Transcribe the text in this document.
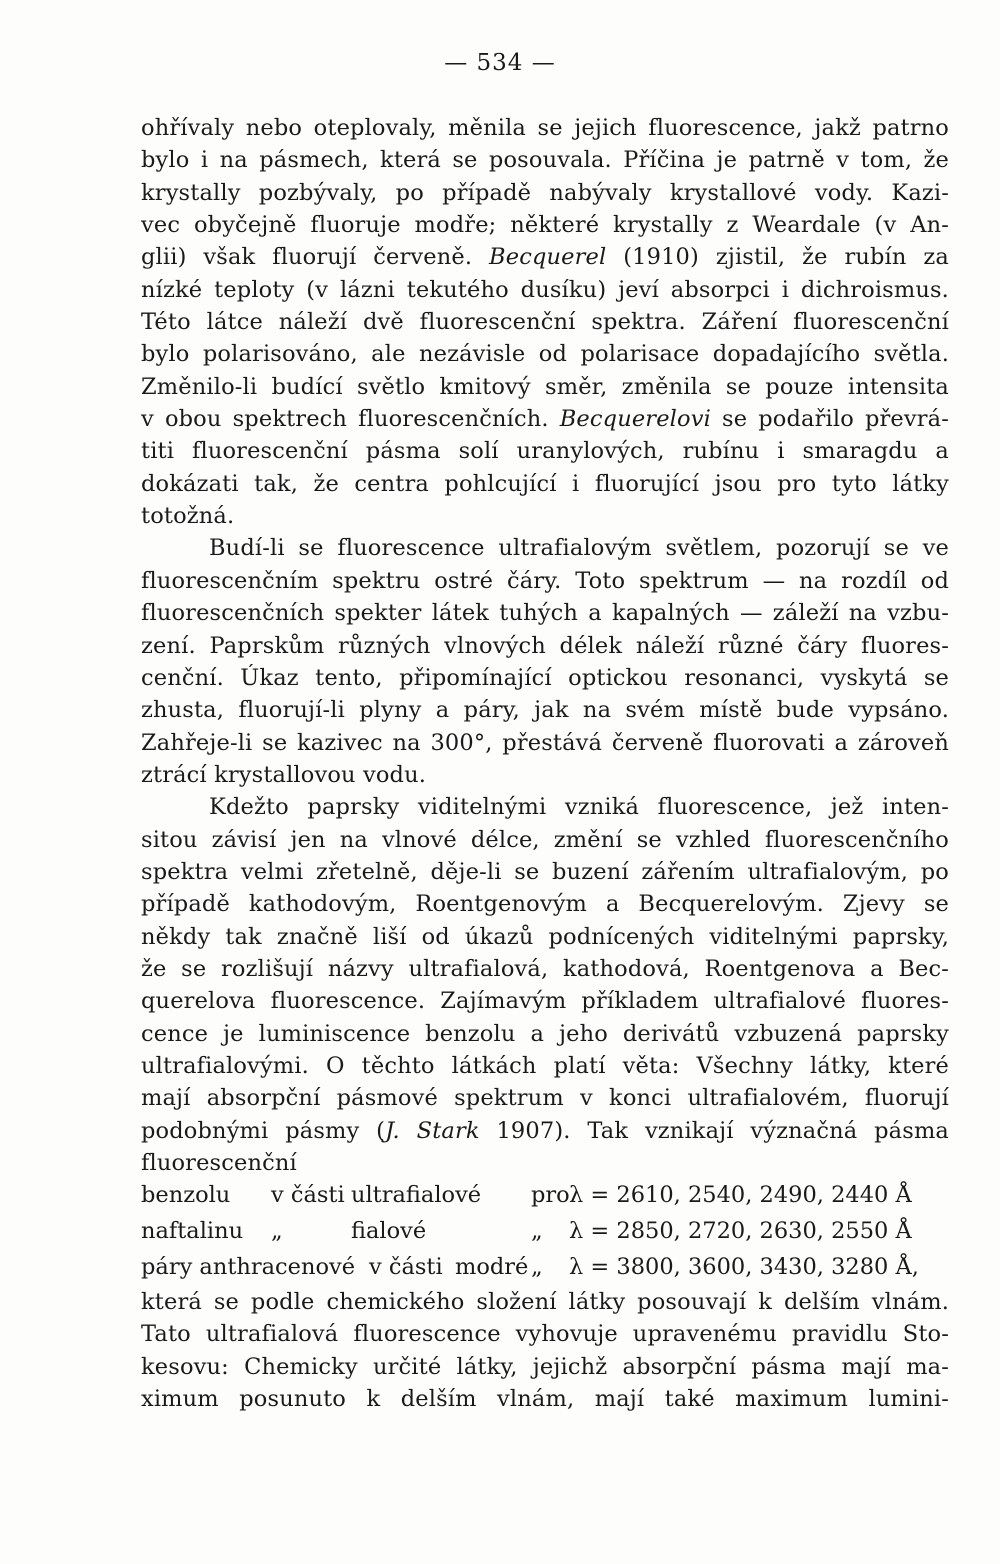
— 534 —
ohřívaly nebo oteplovaly, měnila se jejich fluorescence, jakž patrno
bylo i na pásmech, která se posouvala. Příčina je patrně v tom, že
krystally pozbývaly, po případě nabývaly krystallové vody. Kazi-
vec obyčejně fluoruje modře; některé krystally z Weardale (v An-
glii) však fluorují červeně. Becquerel (1910) zjistil, že rubín za
nízké teploty (v lázni tekutého dusíku) jeví absorpci i dichroismus.
Této látce náleží dvě fluorescenční spektra. Záření fluorescenční
bylo polarisováno, ale nezávisle od polarisace dopadajícího světla.
Změnilo-li budící světlo kmitový směr, změnila se pouze intensita
v obou spektrech fluorescenčních. Becquerelovi se podařilo převrá-
titi fluorescenční pásma solí uranylových, rubínu i smaragdu a
dokázati tak, že centra pohlcující i fluorující jsou pro tyto látky
totožná.
Budí-li se fluorescence ultrafialovým světlem, pozorují se ve
fluorescenčním spektru ostré čáry. Toto spektrum — na rozdíl od
fluorescenčních spekter látek tuhých a kapalných — záleží na vzbu-
zení. Paprskům různých vlnových délek náleží různé čáry fluores-
cenční. Úkaz tento, připomínající optickou resonanci, vyskytá se
zhusta, fluorují-li plyny a páry, jak na svém místě bude vypsáno.
Zahřeje-li se kazivec na 300°, přestává červeně fluorovati a zároveň
ztrácí krystallovou vodu.
Kdežto paprsky viditelnými vzniká fluorescence, jež inten-
sitou závisí jen na vlnové délce, změní se vzhled fluorescenčního
spektra velmi zřetelně, děje-li se buzení zářením ultrafialovým, po
případě kathodovým, Roentgenovým a Becquerelovým. Zjevy se
někdy tak značně liší od úkazů podnícených viditelnými paprsky,
že se rozlišují názvy ultrafialová, kathodová, Roentgenova a Bec-
querelova fluorescence. Zajímavým příkladem ultrafialové fluores-
cence je luminiscence benzolu a jeho derivátů vzbuzená paprsky
ultrafialovými. O těchto látkách platí věta: Všechny látky, které
mají absorpční pásmové spektrum v konci ultrafialovém, fluorují
podobnými pásmy (J. Stark 1907). Tak vznikají význačná pásma
fluorescenční
benzolu v části ultrafialové pro λ = 2610, 2540, 2490, 2440 Å
naftalinu „	fialové	„ λ = 2850, 2720, 2630, 2550 Å
páry anthracenové v části modré „ λ = 3800, 3600, 3430, 3280 Å,
která se podle chemického složení látky posouvají k delším vlnám.
Tato ultrafialová fluorescence vyhovuje upravenému pravidlu Sto-
kesovu: Chemicky určité látky, jejichž absorpční pásma mají ma-
ximum posunuto k delším vlnám, mají také maximum lumini-
